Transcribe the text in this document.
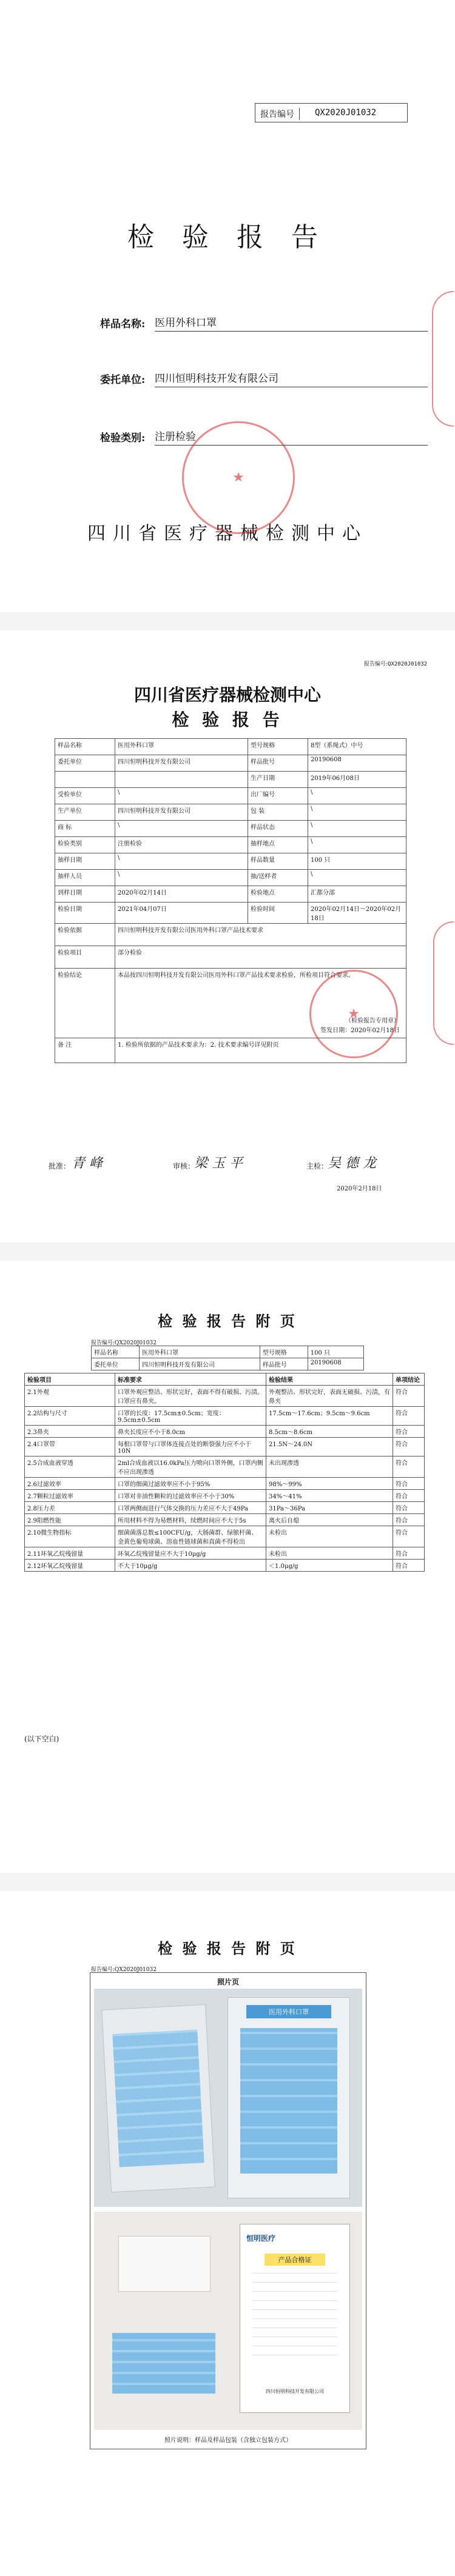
报告编号	QX2020J01032
检 验 报 告
样品名称: 医用外科口罩
委托单位: 四川恒明科技开发有限公司
检验类别: 注册检验
四川省医疗器械检测中心
★
报告编号:QX2020J01032
四川省医疗器械检测中心
检 验 报 告
样品名称	医用外科口罩	型号规格	8型（系绳式）中号
委托单位	四川恒明科技开发有限公司	样品批号	20190608
		生产日期	2019年06月08日
受检单位	\	出厂编号	\
生产单位	四川恒明科技开发有限公司	包 装	\
商 标	\	样品状态	\
检验类别	注册检验	抽样地点	\
抽样日期	\	样品数量	100 只
抽样人员	\	抽/送样者	\
到样日期	2020年02月14日	检验地点	汇都分部
检验日期	2021年04月07日	检验时间	2020年02月14日～2020年02月18日
检验依据	四川恒明科技开发有限公司医用外科口罩产品技术要求		
检验项目	部分检验		
检验结论	本品按四川恒明科技开发有限公司医用外科口罩产品技术要求检验，所检项目符合要求。
（检验报告专用章）
签发日期：2020年02月18日		

备 注	1. 检验所依据的产品技术要求为：2. 技术要求编号详见附页		
★
批准： 青 峰	审核：
梁 玉 平	主检：
吴 德 龙
2020年2月18日
检 验 报 告 附 页
报告编号:QX2020J01032
样品名称	医用外科口罩	型号规格	100 只
委托单位	四川恒明科技开发有限公司	样品批号	20190608
检验项目	标准要求	检验结果	单项结论
2.1外观	口罩外观应整洁、形状完好，表面不得有破损、污渍。口罩应有鼻夹。	外观整洁、形状完好，表面无破损、污渍，有鼻夹	符合
2.2结构与尺寸	口罩的长度：17.5cm±0.5cm；宽度：9.5cm±0.5cm	17.5cm～17.6cm；9.5cm～9.6cm	符合
2.3鼻夹	鼻夹长度应不小于8.0cm	8.5cm～8.6cm	符合
2.4口罩带	每根口罩带与口罩体连接点处的断裂强力应不小于10N	21.5N～24.0N	符合
2.5合成血液穿透	2ml合成血液以16.0kPa压力喷向口罩外侧，口罩内侧不应出现渗透	未出现渗透	符合
2.6过滤效率	口罩的细菌过滤效率应不小于95%	98%～99%	符合
2.7颗粒过滤效率	口罩对非油性颗粒的过滤效率应不小于30%	34%～41%	符合
2.8压力差	口罩两侧面进行气体交换的压力差应不大于49Pa	31Pa～36Pa	符合
2.9阻燃性能	所用材料不得为易燃材料，续燃时间应不大于5s	离火后自熄	符合
2.10微生物指标	细菌菌落总数≤100CFU/g，大肠菌群、绿脓杆菌、金黄色葡萄球菌、溶血性链球菌和真菌不得检出	未检出	符合
2.11环氧乙烷残留量	环氧乙烷残留量应不大于10μg/g	未检出	符合
2.12环氧乙烷残留量	不大于10μg/g	＜1.0μg/g	符合
(以下空白)
检 验 报 告 附 页
报告编号:QX2020J01032
照片页
医用外科口罩
恒明医疗
产品合格证
四川恒明科技开发有限公司
照片说明：样品及样品包装（含独立包装方式）
